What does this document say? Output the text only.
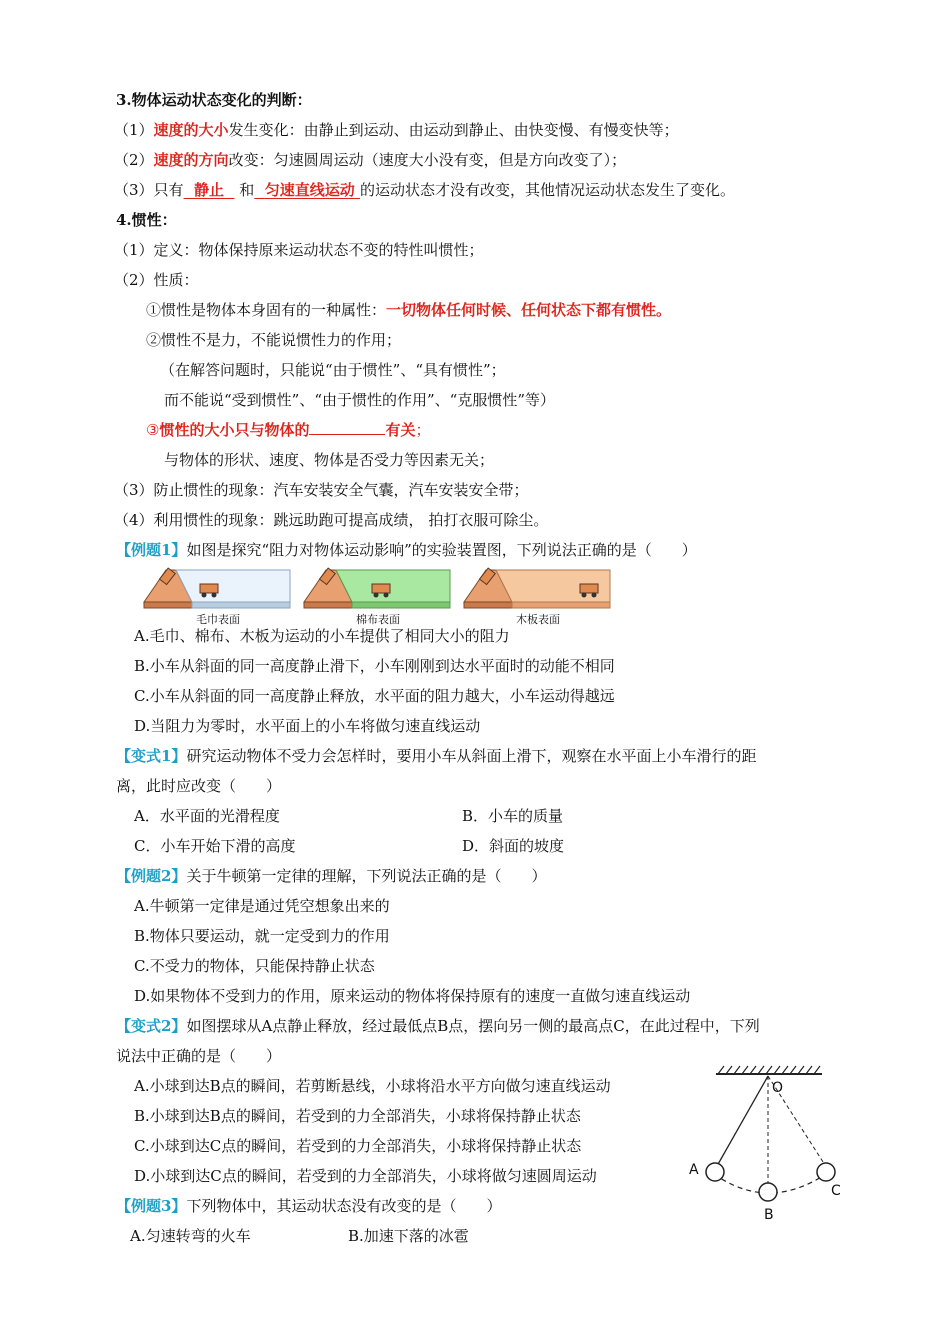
3.物体运动状态变化的判断：
（1）速度的大小发生变化：由静止到运动、由运动到静止、由快变慢、有慢变快等；
（2）速度的方向改变：匀速圆周运动（速度大小没有变，但是方向改变了）；
（3）只有 静止 和 匀速直线运动 的运动状态才没有改变，其他情况运动状态发生了变化。
4.惯性：
（1）定义：物体保持原来运动状态不变的特性叫惯性；
（2）性质：
①惯性是物体本身固有的一种属性：一切物体任何时候、任何状态下都有惯性。
②惯性不是力，不能说惯性力的作用；
（在解答问题时，只能说“由于惯性”、“具有惯性”；
而不能说“受到惯性”、“由于惯性的作用”、“克服惯性”等）
③惯性的大小只与物体的	有关；
与物体的形状、速度、物体是否受力等因素无关；
（3）防止惯性的现象：汽车安装安全气囊，汽车安装安全带；
（4）利用惯性的现象：跳远助跑可提高成绩， 拍打衣服可除尘。
【例题1】如图是探究“阻力对物体运动影响”的实验装置图，下列说法正确的是（　　）
毛巾表面	棉布表面	木板表面
A.毛巾、棉布、木板为运动的小车提供了相同大小的阻力
B.小车从斜面的同一高度静止滑下，小车刚刚到达水平面时的动能不相同
C.小车从斜面的同一高度静止释放，水平面的阻力越大，小车运动得越远
D.当阻力为零时，水平面上的小车将做匀速直线运动
【变式1】研究运动物体不受力会怎样时，要用小车从斜面上滑下，观察在水平面上小车滑行的距
离，此时应改变（　　）
A．水平面的光滑程度	B．小车的质量
C．小车开始下滑的高度	D．斜面的坡度
【例题2】关于牛顿第一定律的理解，下列说法正确的是（　　）
A.牛顿第一定律是通过凭空想象出来的
B.物体只要运动，就一定受到力的作用
C.不受力的物体，只能保持静止状态
D.如果物体不受到力的作用，原来运动的物体将保持原有的速度一直做匀速直线运动
【变式2】如图摆球从A点静止释放，经过最低点B点，摆向另一侧的最高点C，在此过程中，下列
说法中正确的是（　　）
A.小球到达B点的瞬间，若剪断悬线，小球将沿水平方向做匀速直线运动
B.小球到达B点的瞬间，若受到的力全部消失，小球将保持静止状态
C.小球到达C点的瞬间，若受到的力全部消失，小球将保持静止状态
D.小球到达C点的瞬间，若受到的力全部消失，小球将做匀速圆周运动
O
A
B
C
【例题3】下列物体中，其运动状态没有改变的是（　　）
A.匀速转弯的火车	B.加速下落的冰雹
